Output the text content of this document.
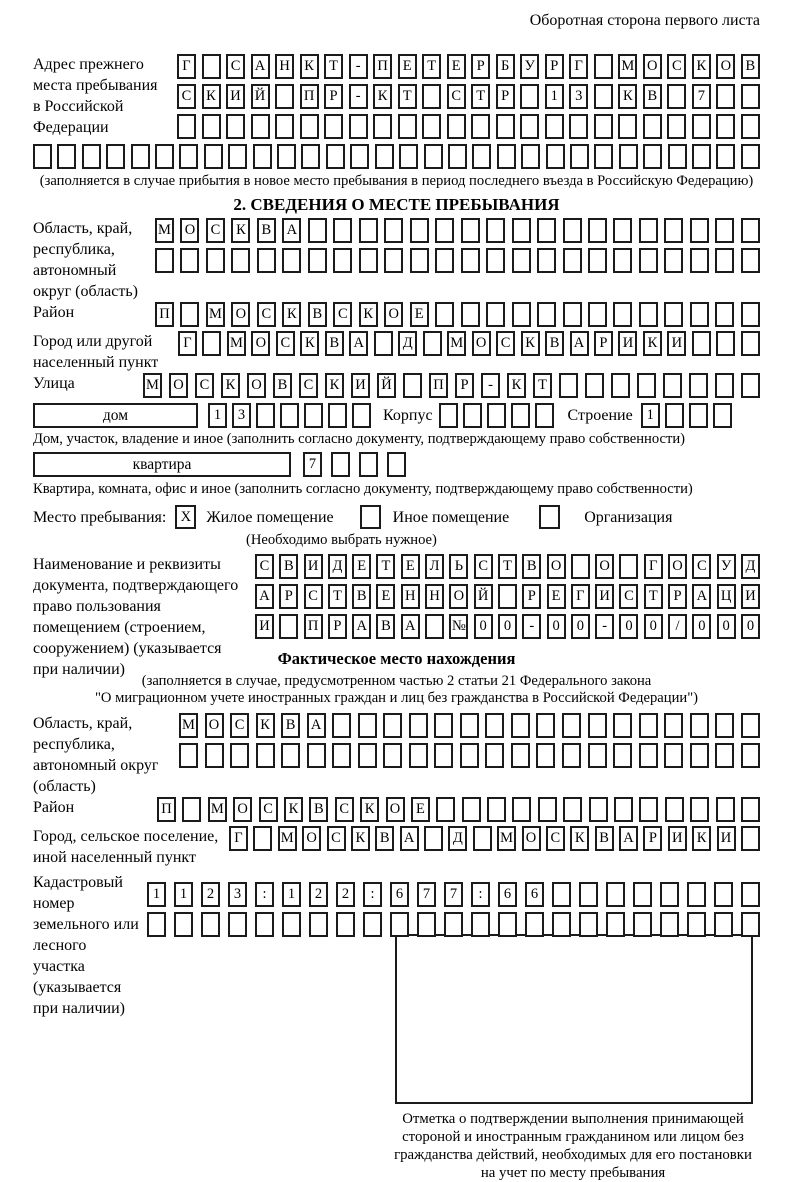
Оборотная сторона первого листа
Адрес прежнего
места пребывания
в Российской
Федерации
Г	С А Н К	Т	-	П	Е	Т	Е	Р	Б	У	Р	Г	М О С	К О В
С	К И Й	П	Р	-	К	Т	С	Т	Р	1	3	К	В	7
(заполняется в случае прибытия в новое место пребывания в период последнего въезда в Российскую Федерацию)
2. СВЕДЕНИЯ О МЕСТЕ ПРЕБЫВАНИЯ
Область, край,
республика,
автономный
округ (область)
М О	С	К	В	А
Район	П	М О	С	К	В	С	К	О	Е
Город или другой
населенный пункт
Г	М О С	К	В А	Д	М О С	К	В А	Р	И К И
Улица	М О	С	К	О	В	С	К	И Й	П	Р	-	К	Т
дом	1	3	Корпус	Строение 1
Дом, участок, владение и иное (заполнить согласно документу, подтверждающему право собственности)
квартира	7
Квартира, комната, офис и иное (заполнить согласно документу, подтверждающему право собственности)
Место пребывания: X Жилое помещение	Иное помещение	Организация
(Необходимо выбрать нужное)
Наименование и реквизиты
документа, подтверждающего
право пользования
помещением (строением,
сооружением) (указывается
при наличии)
С	В И Д	Е	Т	Е	Л	Ь	С	Т	В О	О	Г	О С У Д
А	Р	С	Т	В	Е	Н Н О Й	Р	Е	Г	И С	Т	Р	А Ц И
И	П	Р	А В А	№ 0	0	-	0	0	-	0	0	/	0	0	0
Фактическое место нахождения
(заполняется в случае, предусмотренном частью 2 статьи 21 Федерального закона
"О миграционном учете иностранных граждан и лиц без гражданства в Российской Федерации")
Область, край,
республика,
автономный округ
(область)
М О	С	К	В	А
Район	П	М О	С	К	В	С	К	О	Е
Город, сельское поселение,
иной населенный пункт
Г	М О С	К	В А	Д	М О С	К	В А	Р	И К И
Кадастровый номер
земельного или лесного
участка (указывается
при наличии)
1	1	2	3	:	1	2	2	:	6	7	7	:	6	6
Отметка о подтверждении выполнения принимающей
стороной и иностранным гражданином или лицом без
гражданства действий, необходимых для его постановки
на учет по месту пребывания
